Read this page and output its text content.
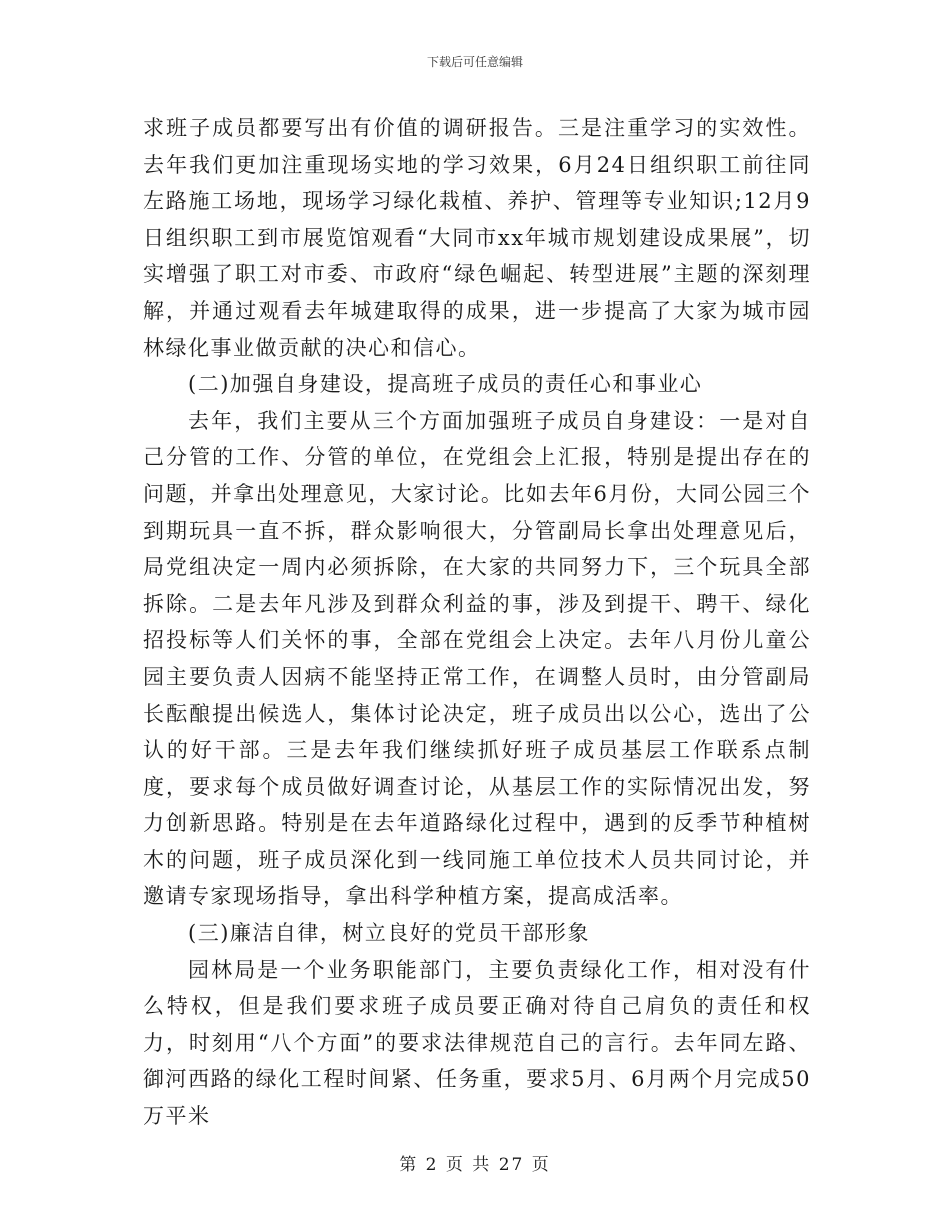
下载后可任意编辑

求班子成员都要写出有价值的调研报告。三是注重学习的实效性。去年我们更加注重现场实地的学习效果，6月24日组织职工前往同左路施工场地，现场学习绿化栽植、养护、管理等专业知识;12月9日组织职工到市展览馆观看“大同市xx年城市规划建设成果展”，切实增强了职工对市委、市政府“绿色崛起、转型进展”主题的深刻理解，并通过观看去年城建取得的成果，进一步提高了大家为城市园林绿化事业做贡献的决心和信心。

(二)加强自身建设，提高班子成员的责任心和事业心

去年，我们主要从三个方面加强班子成员自身建设：一是对自己分管的工作、分管的单位，在党组会上汇报，特别是提出存在的问题，并拿出处理意见，大家讨论。比如去年6月份，大同公园三个到期玩具一直不拆，群众影响很大，分管副局长拿出处理意见后，局党组决定一周内必须拆除，在大家的共同努力下，三个玩具全部拆除。二是去年凡涉及到群众利益的事，涉及到提干、聘干、绿化招投标等人们关怀的事，全部在党组会上决定。去年八月份儿童公园主要负责人因病不能坚持正常工作，在调整人员时，由分管副局长酝酿提出候选人，集体讨论决定，班子成员出以公心，选出了公认的好干部。三是去年我们继续抓好班子成员基层工作联系点制度，要求每个成员做好调查讨论，从基层工作的实际情况出发，努力创新思路。特别是在去年道路绿化过程中，遇到的反季节种植树木的问题，班子成员深化到一线同施工单位技术人员共同讨论，并邀请专家现场指导，拿出科学种植方案，提高成活率。

(三)廉洁自律，树立良好的党员干部形象

园林局是一个业务职能部门，主要负责绿化工作，相对没有什么特权，但是我们要求班子成员要正确对待自己肩负的责任和权力，时刻用“八个方面”的要求法律规范自己的言行。去年同左路、御河西路的绿化工程时间紧、任务重，要求5月、6月两个月完成50万平米

第 2 页 共 27 页
